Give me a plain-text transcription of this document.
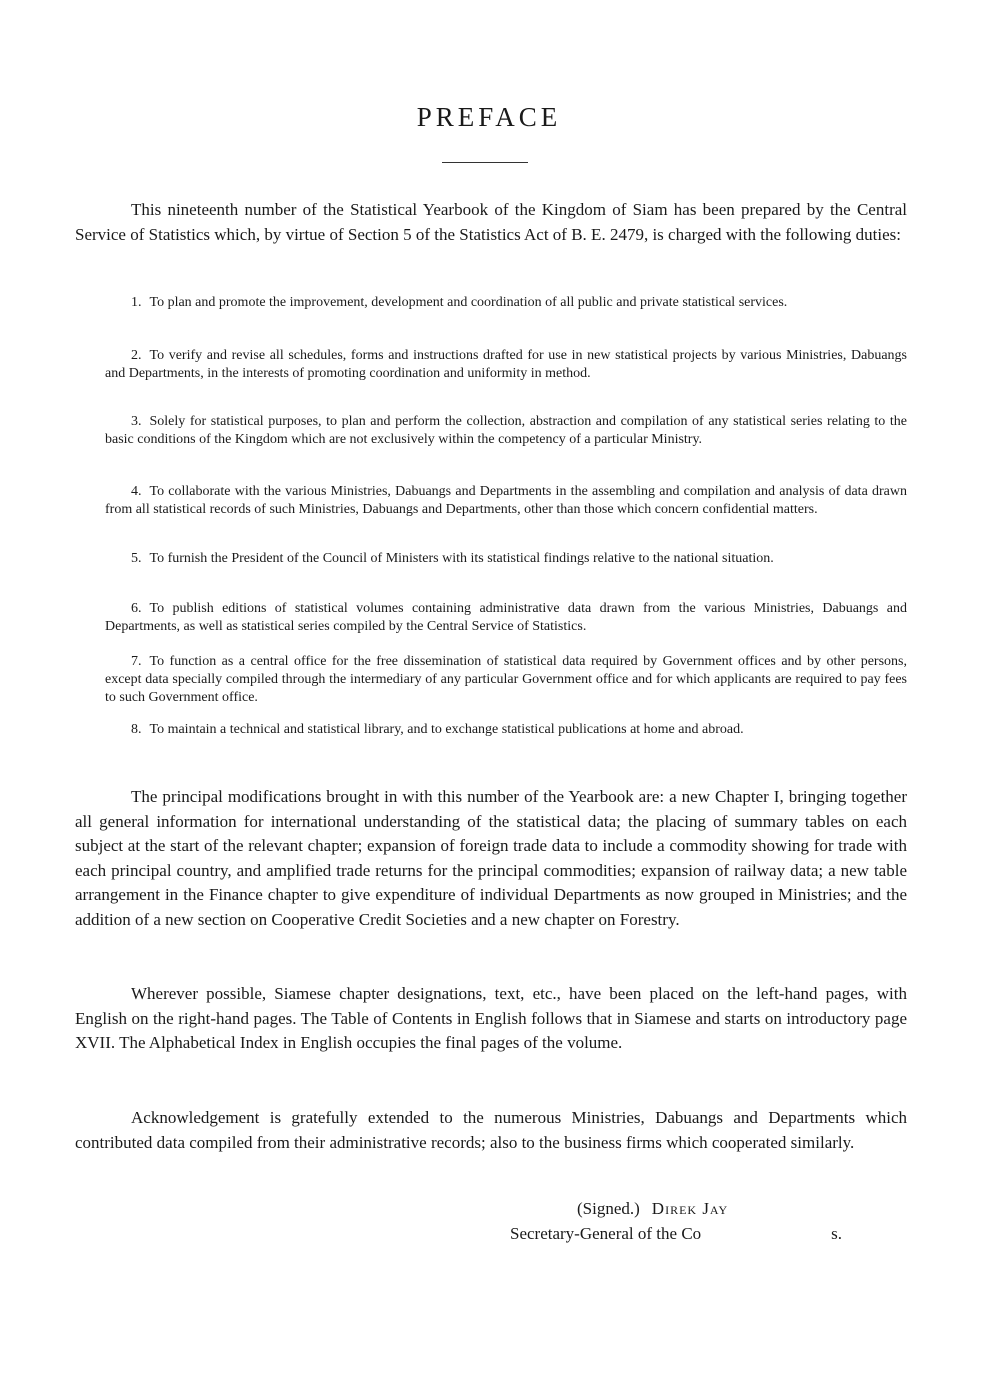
PREFACE

This nineteenth number of the Statistical Yearbook of the Kingdom of Siam has been prepared by the Central Service of Statistics which, by virtue of Section 5 of the Statistics Act of B. E. 2479, is charged with the following duties:

1. To plan and promote the improvement, development and coordination of all public and private statistical services.

2. To verify and revise all schedules, forms and instructions drafted for use in new statistical projects by various Ministries, Dabuangs and Departments, in the interests of promoting coordination and uniformity in method.

3. Solely for statistical purposes, to plan and perform the collection, abstraction and compilation of any statistical series relating to the basic conditions of the Kingdom which are not exclusively within the competency of a particular Ministry.

4. To collaborate with the various Ministries, Dabuangs and Departments in the assembling and compilation and analysis of data drawn from all statistical records of such Ministries, Dabuangs and Departments, other than those which concern confidential matters.

5. To furnish the President of the Council of Ministers with its statistical findings relative to the national situation.

6. To publish editions of statistical volumes containing administrative data drawn from the various Ministries, Dabuangs and Departments, as well as statistical series compiled by the Central Service of Statistics.

7. To function as a central office for the free dissemination of statistical data required by Government offices and by other persons, except data specially compiled through the intermediary of any particular Government office and for which applicants are required to pay fees to such Government office.

8. To maintain a technical and statistical library, and to exchange statistical publications at home and abroad.

The principal modifications brought in with this number of the Yearbook are: a new Chapter I, bringing together all general information for international understanding of the statistical data; the placing of summary tables on each subject at the start of the relevant chapter; expansion of foreign trade data to include a commodity showing for trade with each principal country, and amplified trade returns for the principal commodities; expansion of railway data; a new table arrangement in the Finance chapter to give expenditure of individual Departments as now grouped in Ministries; and the addition of a new section on Cooperative Credit Societies and a new chapter on Forestry.

Wherever possible, Siamese chapter designations, text, etc., have been placed on the left-hand pages, with English on the right-hand pages. The Table of Contents in English follows that in Siamese and starts on introductory page XVII. The Alphabetical Index in English occupies the final pages of the volume.

Acknowledgement is gratefully extended to the numerous Ministries, Dabuangs and Departments which contributed data compiled from their administrative records; also to the business firms which cooperated similarly.

(Signed.) Direk Jay
Secretary-General of the Co	s.
